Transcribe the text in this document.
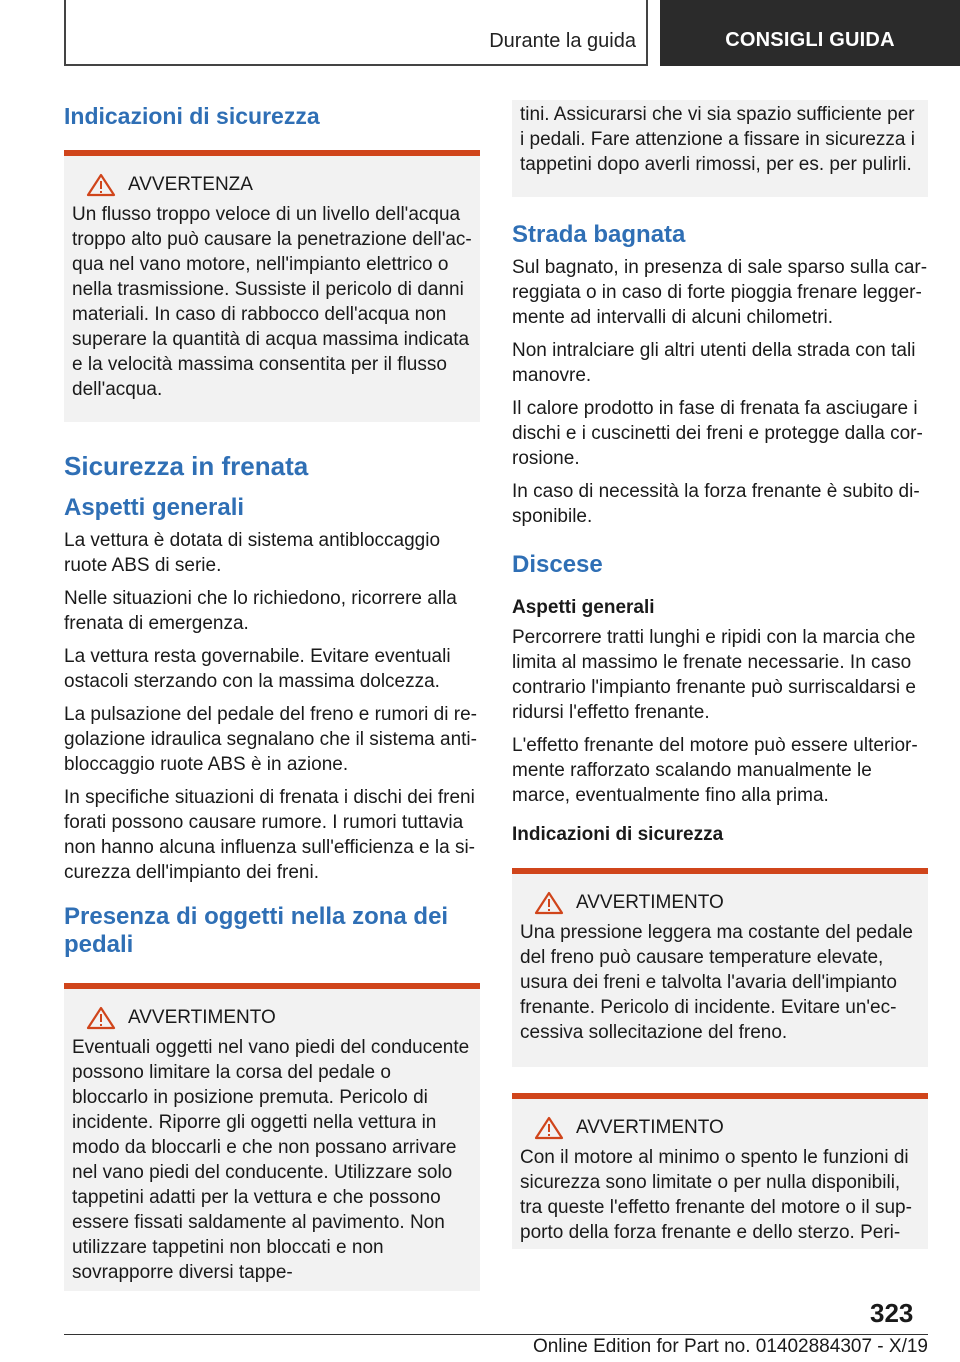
Durante la guida	CONSIGLI GUIDA
Indicazioni di sicurezza
AVVERTENZA

Un flusso troppo veloce di un livello dell'acqua troppo alto può causare la penetrazione dell'acqua nel vano motore, nell'impianto elettrico o nella trasmissione. Sussiste il pericolo di danni materiali. In caso di rabbocco dell'acqua non superare la quantità di acqua massima indicata e la velocità massima consentita per il flusso dell'acqua.

Sicurezza in frenata
Aspetti generali

La vettura è dotata di sistema antibloccaggio ruote ABS di serie.

Nelle situazioni che lo richiedono, ricorrere alla frenata di emergenza.

La vettura resta governabile. Evitare eventuali ostacoli sterzando con la massima dolcezza.

La pulsazione del pedale del freno e rumori di regolazione idraulica segnalano che il sistema antibloccaggio ruote ABS è in azione.

In specifiche situazioni di frenata i dischi dei freni forati possono causare rumore. I rumori tuttavia non hanno alcuna influenza sull'efficienza e la sicurezza dell'impianto dei freni.

Presenza di oggetti nella zona dei pedali
AVVERTIMENTO

Eventuali oggetti nel vano piedi del conducente possono limitare la corsa del pedale o bloccarlo in posizione premuta. Pericolo di incidente. Riporre gli oggetti nella vettura in modo da bloccarli e che non possano arrivare nel vano piedi del conducente. Utilizzare solo tappetini adatti per la vettura e che possono essere fissati saldamente al pavimento. Non utilizzare tappetini non bloccati e non sovrapporre diversi tappe-

tini. Assicurarsi che vi sia spazio sufficiente per i pedali. Fare attenzione a fissare in sicurezza i tappetini dopo averli rimossi, per es. per pulirli.

Strada bagnata

Sul bagnato, in presenza di sale sparso sulla carreggiata o in caso di forte pioggia frenare leggermente ad intervalli di alcuni chilometri.

Non intralciare gli altri utenti della strada con tali manovre.

Il calore prodotto in fase di frenata fa asciugare i dischi e i cuscinetti dei freni e protegge dalla corrosione.

In caso di necessità la forza frenante è subito disponibile.

Discese
Aspetti generali

Percorrere tratti lunghi e ripidi con la marcia che limita al massimo le frenate necessarie. In caso contrario l'impianto frenante può surriscaldarsi e ridursi l'effetto frenante.

L'effetto frenante del motore può essere ulteriormente rafforzato scalando manualmente le marce, eventualmente fino alla prima.

Indicazioni di sicurezza
AVVERTIMENTO

Una pressione leggera ma costante del pedale del freno può causare temperature elevate, usura dei freni e talvolta l'avaria dell'impianto frenante. Pericolo di incidente. Evitare un'eccessiva sollecitazione del freno.

AVVERTIMENTO

Con il motore al minimo o spento le funzioni di sicurezza sono limitate o per nulla disponibili, tra queste l'effetto frenante del motore o il supporto della forza frenante e dello sterzo. Peri-

323
Online Edition for Part no. 01402884307 - X/19
